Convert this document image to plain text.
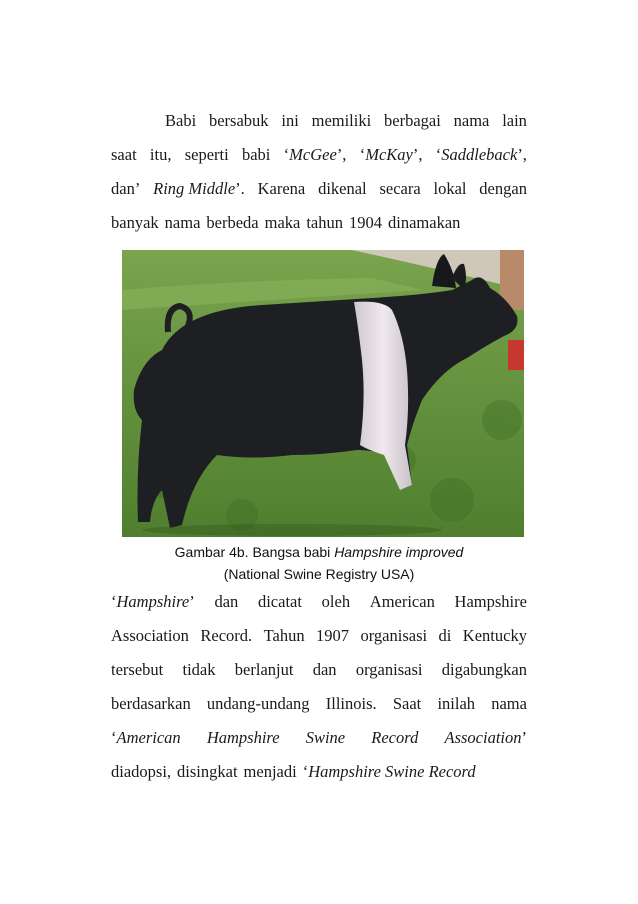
Babi bersabuk ini memiliki berbagai nama lain
saat itu, seperti babi ‘McGee’, ‘McKay’, ‘Saddleback’,
dan’ Ring Middle’. Karena dikenal secara lokal dengan
banyak nama berbeda maka tahun 1904 dinamakan
Gambar 4b. Bangsa babi Hampshire improved
(National Swine Registry USA)
‘Hampshire’ dan dicatat oleh American Hampshire
Association Record. Tahun 1907 organisasi di Kentucky
tersebut tidak berlanjut dan organisasi digabungkan
berdasarkan undang-undang Illinois. Saat inilah nama
‘American Hampshire Swine Record Association’
diadopsi, disingkat menjadi ‘Hampshire Swine Record
